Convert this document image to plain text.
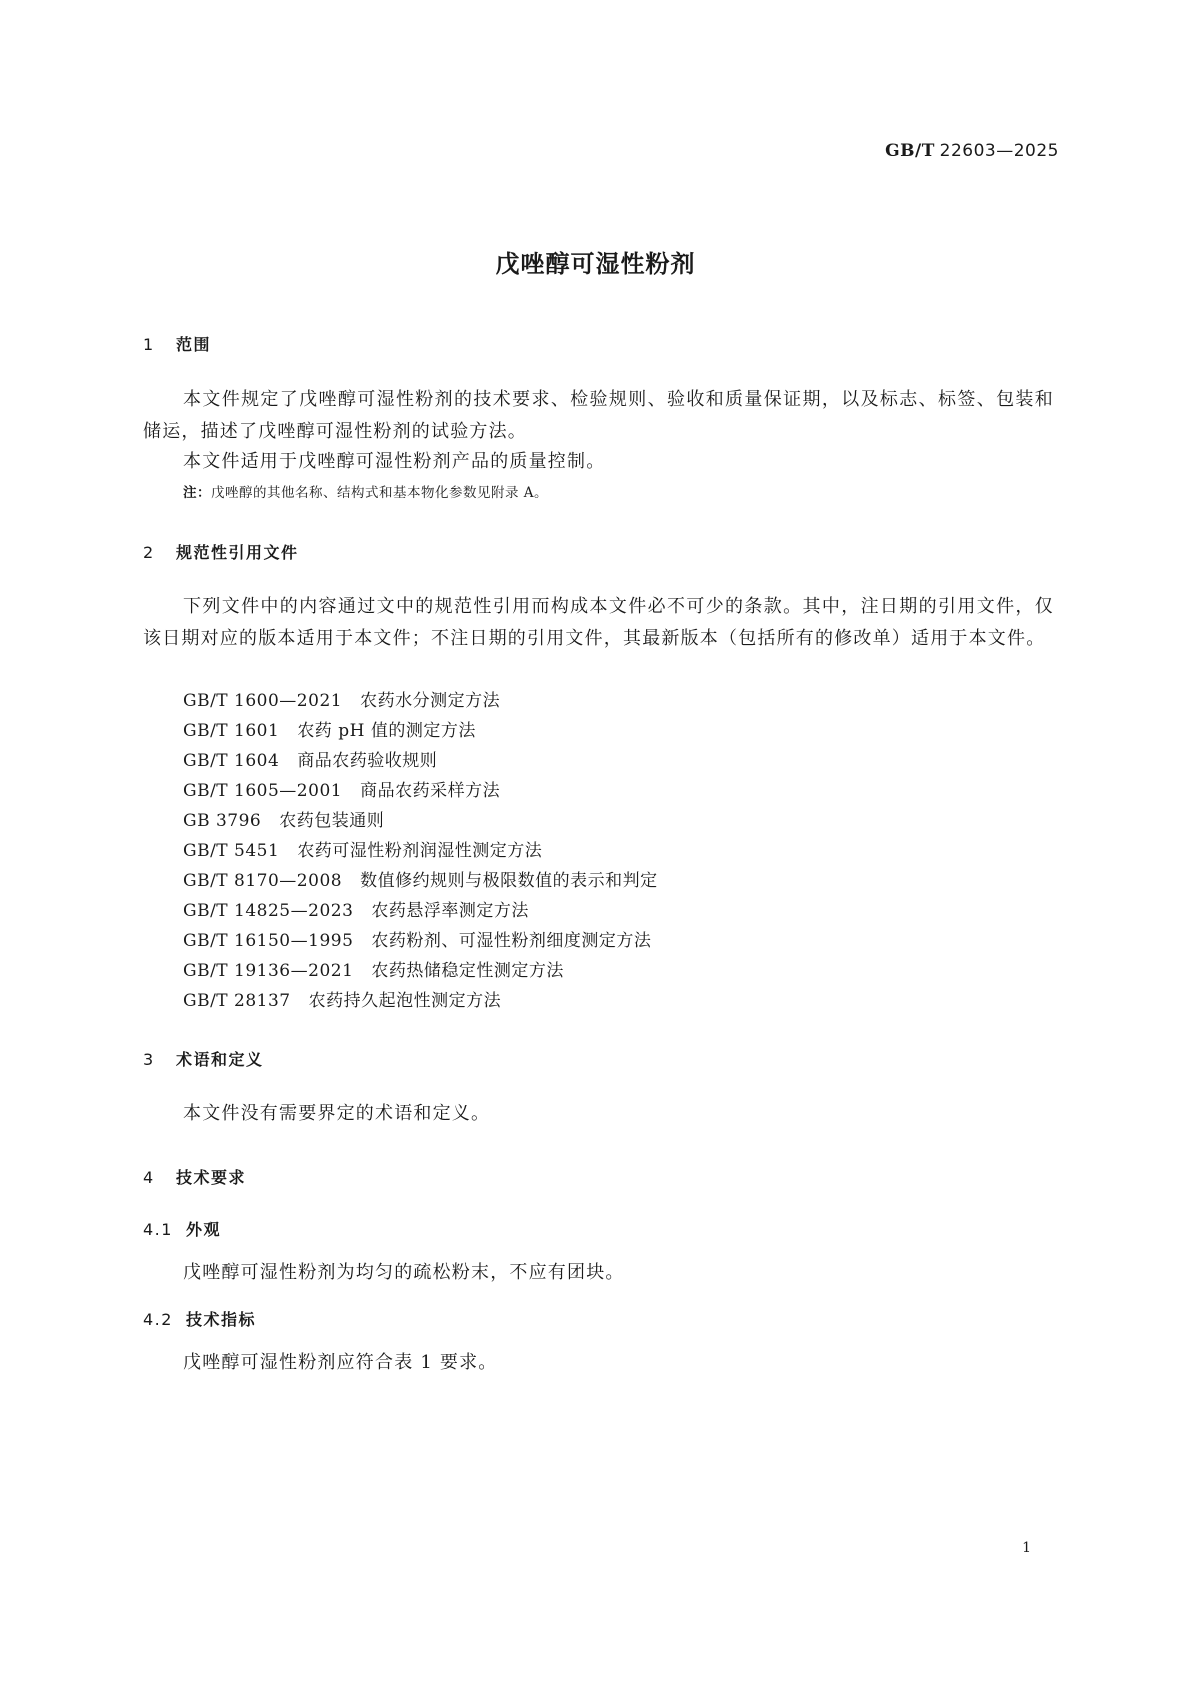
GB/T 22603—2025
戊唑醇可湿性粉剂
1 范围

本文件规定了戊唑醇可湿性粉剂的技术要求、检验规则、验收和质量保证期，以及标志、标签、包装和储运，描述了戊唑醇可湿性粉剂的试验方法。

本文件适用于戊唑醇可湿性粉剂产品的质量控制。

注：戊唑醇的其他名称、结构式和基本物化参数见附录 A。
2 规范性引用文件

下列文件中的内容通过文中的规范性引用而构成本文件必不可少的条款。其中，注日期的引用文件，仅该日期对应的版本适用于本文件；不注日期的引用文件，其最新版本（包括所有的修改单）适用于本文件。

GB/T 1600—2021 农药水分测定方法
GB/T 1601 农药 pH 值的测定方法
GB/T 1604 商品农药验收规则
GB/T 1605—2001 商品农药采样方法
GB 3796 农药包装通则
GB/T 5451 农药可湿性粉剂润湿性测定方法
GB/T 8170—2008 数值修约规则与极限数值的表示和判定
GB/T 14825—2023 农药悬浮率测定方法
GB/T 16150—1995 农药粉剂、可湿性粉剂细度测定方法
GB/T 19136—2021 农药热储稳定性测定方法
GB/T 28137 农药持久起泡性测定方法
3 术语和定义

本文件没有需要界定的术语和定义。

4 技术要求
4.1 外观

戊唑醇可湿性粉剂为均匀的疏松粉末，不应有团块。

4.2 技术指标

戊唑醇可湿性粉剂应符合表 1 要求。

1
